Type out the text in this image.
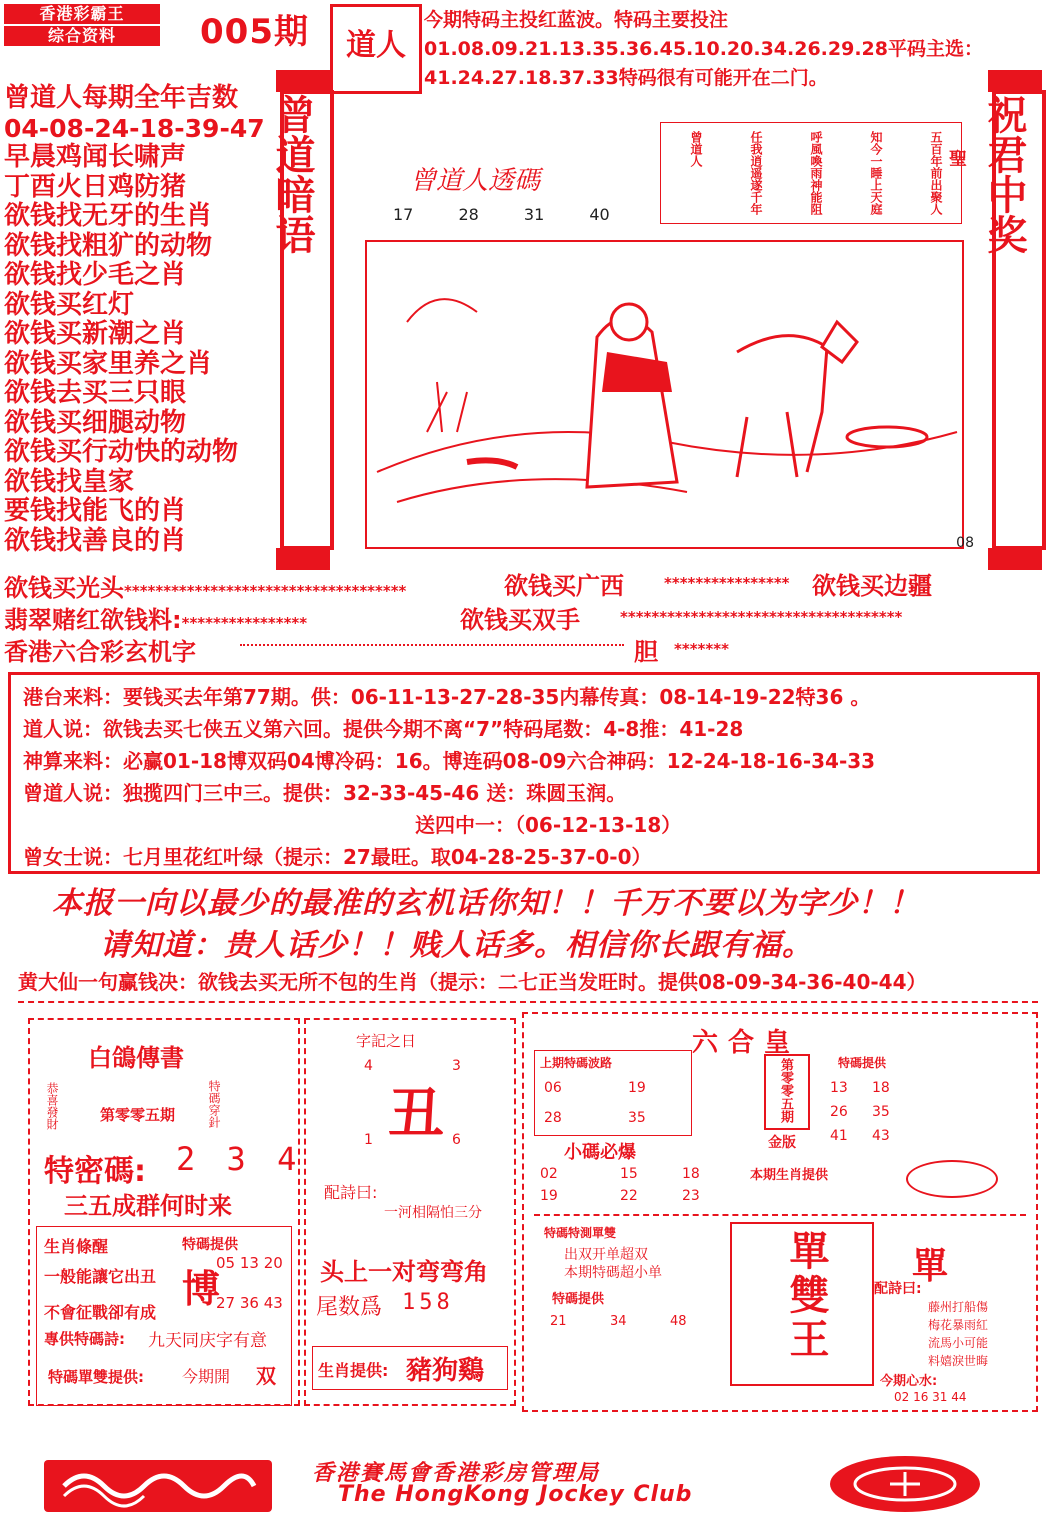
香港彩霸王
综合资料	005期	道人
今期特码主投红蓝波。特码主要投注01.08.09.21.13.35.36.45.10.20.34.26.29.28平码主选：41.24.27.18.37.33特码很有可能开在二门。
曾道人每期全年吉数
04-08-24-18-39-47
早晨鸡闻长啸声
丁酉火日鸡防猪
欲钱找无牙的生肖
欲钱找粗犷的动物
欲钱找少毛之肖
欲钱买红灯
欲钱买新潮之肖
欲钱买家里养之肖
欲钱去买三只眼
欲钱买细腿动物
欲钱买行动快的动物
欲钱找皇家
要钱找能飞的肖
欲钱找善良的肖
曾道暗语	祝君中奖
曾道人透碼
17	28	31	40	五百年前出聚人
知今一睡上天庭
呼風喚雨神能阻
任我逍遥遂千年
曾道人	聖
08
欲钱买光头************************************	欲钱买广西	**************** 欲钱买边疆
翡翠赌红欲钱料:****************	欲钱买双手	************************************
香港六合彩玄机字	胆 *******
港台来料：要钱买去年第77期。供：06-11-13-27-28-35内幕传真：08-14-19-22特36 。
道人说：欲钱去买七侠五义第六回。提供今期不离“7”特码尾数：4-8推：41-28
神算来料：必赢01-18博双码04博冷码：16。博连码08-09六合神码：12-24-18-16-34-33
曾道人说：独揽四门三中三。提供：32-33-45-46 送：珠圆玉润。
送四中一：（06-12-13-18）
曾女士说：七月里花红叶绿（提示：27最旺。取04-28-25-37-0-0）
本报一向以最少的最准的玄机话你知！！千万不要以为字少！！
请知道：贵人话少！！贱人话多。相信你长跟有福。
黄大仙一句赢钱决：欲钱去买无所不包的生肖（提示：二七正当发旺时。提供08-09-34-36-40-44）
白鴿傳書
恭喜發財	特碼穿針
第零零五期
特密碼: 2 3 4
三五成群何时来
生肖條醒
一般能讓它出丑
不會征戰卻有成
特碼提供
博
05 13 20
27 36 43
專供特碼詩: 九天同庆字有意
特碼單雙提供: 今期開 双
字記之日
4	3
1	6
丑
配詩曰:
一河相隔怕三分
头上一对弯弯角
尾数爲 158
生肖提供: 豬狗鷄
六合皇
上期特碼波路
06	19
28	35	第零零五期
金版
特碼提供
13 18
26 35
41 43
小碼必爆
02	15	18
19	22	23
本期生肖提供
特碼特測單雙
出双开单超双
本期特碼超小单
特碼提供
21	34	48 單雙王 單
配詩曰:
藤州打船傷
梅花暴雨紅
流馬小可能
料嬉淚世晦
今期心水:
02 16 31 44
香港賽馬會香港彩房管理局
The HongKong Jockey Club
